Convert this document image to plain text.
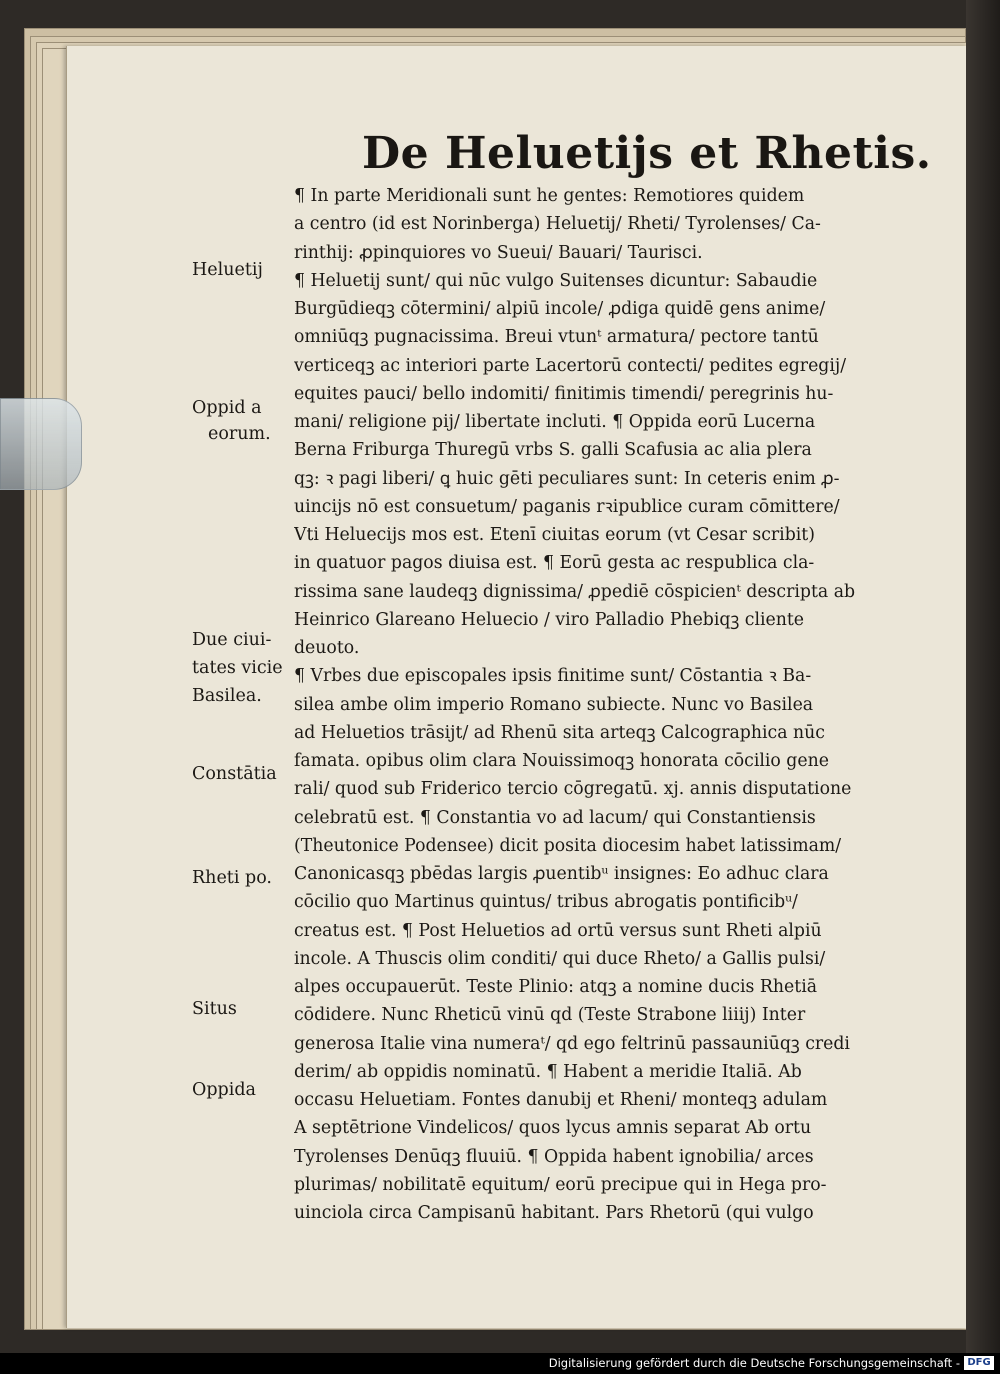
De Heluetijs et Rhetis.
¶ In parte Meridionali sunt he gentes: Remotiores quidem
a centro (id est Norinberga) Heluetij/ Rheti/ Tyrolenses/ Ca-
rinthij: ꝓpinquiores vo Sueui/ Bauari/ Taurisci.
¶ Heluetij sunt/ qui nūc vulgo Suitenses dicuntur: Sabaudie
Burgūdieqꝫ cōtermini/ alpiū incole/ ꝓdiga quidē gens anime/
omniūqꝫ pugnacissima. Breui vtunᵗ armatura/ pectore tantū
verticeqꝫ ac interiori parte Lacertorū contecti/ pedites egregij/
equites pauci/ bello indomiti/ finitimis timendi/ peregrinis hu-
mani/ religione pij/ libertate incluti. ¶ Oppida eorū Lucerna
Berna Friburga Thuregū vrbs S. galli Scafusia ac alia plera
qꝫ: ꝛ pagi liberi/ ꝗ huic gēti peculiares sunt: In ceteris enim ꝓ-
uincijs nō est consuetum/ paganis rꝛipublice curam cōmittere/
Vti Heluecijs mos est. Etenī ciuitas eorum (vt Cesar scribit)
in quatuor pagos diuisa est. ¶ Eorū gesta ac respublica cla-
rissima sane laudeqꝫ dignissima/ ꝓpediē cōspicienᵗ descripta ab
Heinrico Glareano Heluecio / viro Palladio Phebiqꝫ cliente
deuoto.
¶ Vrbes due episcopales ipsis finitime sunt/ Cōstantia ꝛ Ba-
silea ambe olim imperio Romano subiecte. Nunc vo Basilea
ad Heluetios trāsijt/ ad Rhenū sita arteqꝫ Calcographica nūc
famata. opibus olim clara Nouissimoqꝫ honorata cōcilio gene
rali/ quod sub Friderico tercio cōgregatū. xj. annis disputatione
celebratū est. ¶ Constantia vo ad lacum/ qui Constantiensis
(Theutonice Podensee) dicit posita diocesim habet latissimam/
Canonicasqꝫ pbēdas largis ꝓuentibᵘ insignes: Eo adhuc clara
cōcilio quo Martinus quintus/ tribus abrogatis pontificibᵘ/
creatus est. ¶ Post Heluetios ad ortū versus sunt Rheti alpiū
incole. A Thuscis olim conditi/ qui duce Rheto/ a Gallis pulsi/
alpes occupauerūt. Teste Plinio: atqꝫ a nomine ducis Rhetiā
cōdidere. Nunc Rheticū vinū qd (Teste Strabone liiij) Inter
generosa Italie vina numeraᵗ/ qd ego feltrinū passauniūqꝫ credi
derim/ ab oppidis nominatū. ¶ Habent a meridie Italiā. Ab
occasu Heluetiam. Fontes danubij et Rheni/ monteqꝫ adulam
A septētrione Vindelicos/ quos lycus amnis separat Ab ortu
Tyrolenses Denūqꝫ fluuiū. ¶ Oppida habent ignobilia/ arces
plurimas/ nobilitatē equitum/ eorū precipue qui in Hega pro-
uinciola circa Campisanū habitant. Pars Rhetorū (qui vulgo
Heluetij
Oppid a
eorum.
Due ciui-
tates vicie
Basilea.
Constātia
Rheti po.
Situs
Oppida
Digitalisierung gefördert durch die Deutsche Forschungsgemeinschaft - DFG
